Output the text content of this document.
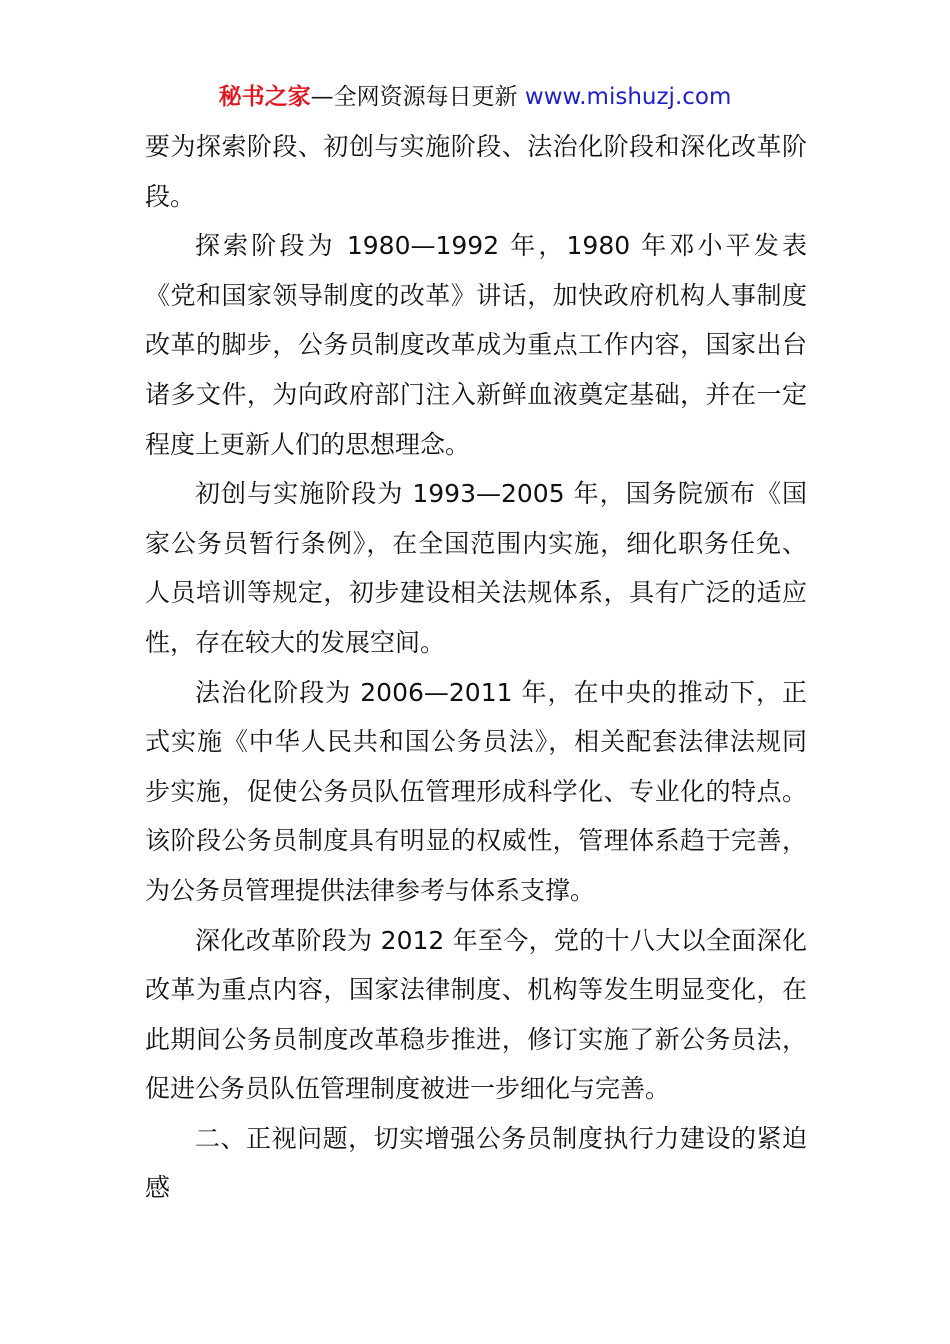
秘书之家—全网资源每日更新 www.mishuzj.com

要为探索阶段、初创与实施阶段、法治化阶段和深化改革阶段。

探索阶段为 1980—1992 年，1980 年邓小平发表《党和国家领导制度的改革》讲话，加快政府机构人事制度改革的脚步，公务员制度改革成为重点工作内容，国家出台诸多文件，为向政府部门注入新鲜血液奠定基础，并在一定程度上更新人们的思想理念。

初创与实施阶段为 1993—2005 年，国务院颁布《国家公务员暂行条例》，在全国范围内实施，细化职务任免、人员培训等规定，初步建设相关法规体系，具有广泛的适应性，存在较大的发展空间。

法治化阶段为 2006—2011 年，在中央的推动下，正式实施《中华人民共和国公务员法》，相关配套法律法规同步实施，促使公务员队伍管理形成科学化、专业化的特点。该阶段公务员制度具有明显的权威性，管理体系趋于完善，为公务员管理提供法律参考与体系支撑。

深化改革阶段为 2012 年至今，党的十八大以全面深化改革为重点内容，国家法律制度、机构等发生明显变化，在此期间公务员制度改革稳步推进，修订实施了新公务员法，促进公务员队伍管理制度被进一步细化与完善。

二、正视问题，切实增强公务员制度执行力建设的紧迫感
